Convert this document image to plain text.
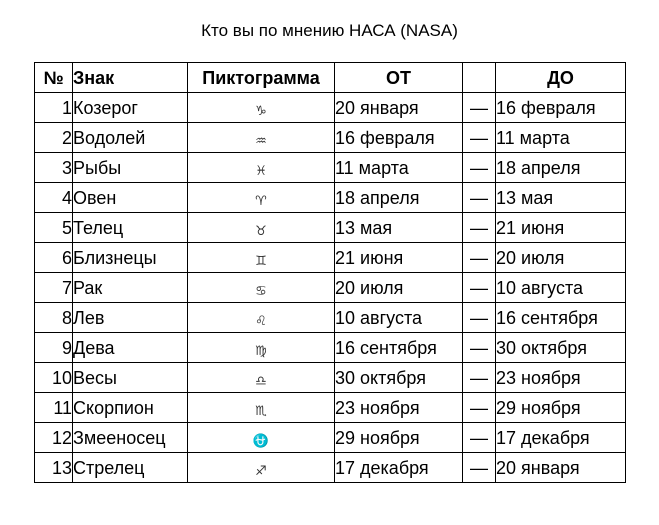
Кто вы по мнению НАСА (NASA)
№	Знак	Пиктограмма	ОТ		ДО
1	Козерог	♑	20 января	—	16 февраля
2	Водолей	♒	16 февраля	—	11 марта
3	Рыбы	♓	11 марта	—	18 апреля
4	Овен	♈	18 апреля	—	13 мая
5	Телец	♉	13 мая	—	21 июня
6	Близнецы	♊	21 июня	—	20 июля
7	Рак	♋	20 июля	—	10 августа
8	Лев	♌	10 августа	—	16 сентября
9	Дева	♍	16 сентября	—	30 октября
10	Весы	♎	30 октября	—	23 ноября
11	Скорпион	♏	23 ноября	—	29 ноября
12	Змееносец	⛎	29 ноября	—	17 декабря
13	Стрелец	♐	17 декабря	—	20 января
